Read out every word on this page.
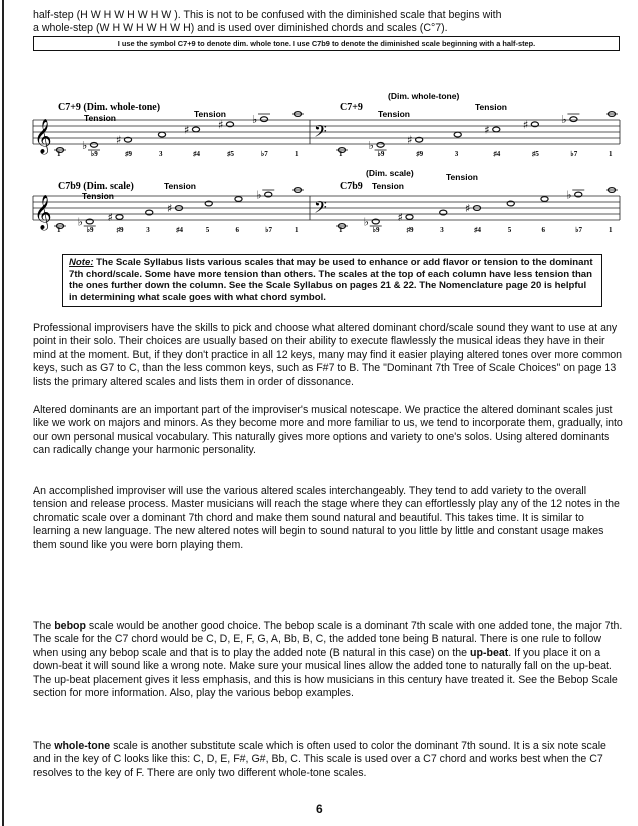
half-step (H W H W H W H W ). This is not to be confused with the diminished scale that begins with
a whole-step (W H W H W H W H) and is used over diminished chords and scales (C°7).
I use the symbol C7+9 to denote dim. whole tone. I use C7b9 to denote the diminished scale beginning with a half-step.
𝄞	𝄢
♭	♯
♯	♯	♭
♭	♯
♯	♯	♭
𝄞	𝄢
♭ ♯
♯
♭
♭	♯
♯
♭
C7+9 (Dim. whole-tone)
Tension	Tension
(Dim. whole-tone)
C7+9
Tension
Tension
C7b9 (Dim. scale)
Tension
Tension
(Dim. scale)
C7b9 Tension
Tension
1	♭9	♯9	3	♯4	♯5	♭7	1	1	♭9	♯9	3	♯4	♯5	♭7	1
1	♭9	♯9	3	♯4	5	6	♭7	1	1	♭9	♯9	3	♯4	5	6	♭7	1
Note: The Scale Syllabus lists various scales that may be used to enhance or add flavor or tension to the dominant 7th chord/scale. Some have more tension than others. The scales at the top of each column have less tension than the ones further down the column. See the Scale Syllabus on pages 21 & 22. The Nomenclature page 20 is helpful in determining what scale goes with what chord symbol.

Professional improvisers have the skills to pick and choose what altered dominant chord/scale sound they want to use at any point in their solo. Their choices are usually based on their ability to execute flawlessly the musical ideas they have in their mind at the moment. But, if they don't practice in all 12 keys, many may find it easier playing altered tones over more common keys, such as G7 to C, than the less common keys, such as F#7 to B. The "Dominant 7th Tree of Scale Choices" on page 13 lists the primary altered scales and lists them in order of dissonance.

Altered dominants are an important part of the improviser's musical notescape. We practice the altered dominant scales just like we work on majors and minors. As they become more and more familiar to us, we tend to incorporate them, gradually, into our own personal musical vocabulary. This naturally gives more options and variety to one's solos. Using altered dominants can radically change your harmonic personality.

An accomplished improviser will use the various altered scales interchangeably. They tend to add variety to the overall tension and release process. Master musicians will reach the stage where they can effortlessly play any of the 12 notes in the chromatic scale over a dominant 7th chord and make them sound natural and beautiful. This takes time. It is similar to learning a new language. The new altered notes will begin to sound natural to you little by little and constant usage makes them sound like you were born playing them.

The bebop scale would be another good choice. The bebop scale is a dominant 7th scale with one added tone, the major 7th. The scale for the C7 chord would be C, D, E, F, G, A, Bb, B, C, the added tone being B natural. There is one rule to follow when using any bebop scale and that is to play the added note (B natural in this case) on the up-beat. If you place it on a down-beat it will sound like a wrong note. Make sure your musical lines allow the added tone to naturally fall on the up-beat. The up-beat placement gives it less emphasis, and this is how musicians in this century have treated it. See the Bebop Scale section for more information. Also, play the various bebop examples.

The whole-tone scale is another substitute scale which is often used to color the dominant 7th sound. It is a six note scale and in the key of C looks like this: C, D, E, F#, G#, Bb, C. This scale is used over a C7 chord and works best when the C7 resolves to the key of F. There are only two different whole-tone scales.

6
